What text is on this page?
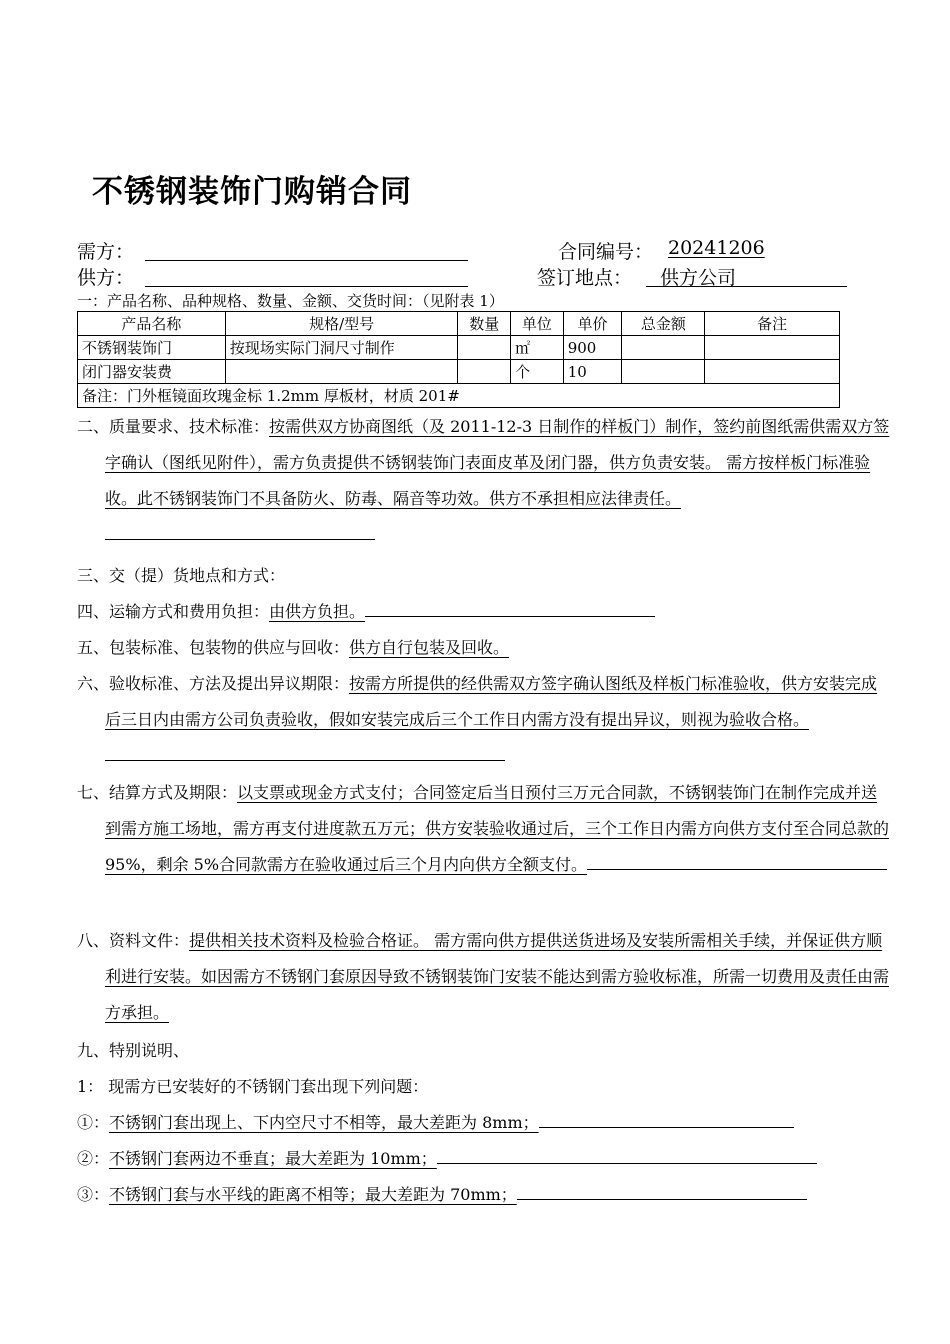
不锈钢装饰门购销合同
需方：	合同编号： 20241206
供方：	签订地点： 供方公司
一：产品名称、品种规格、数量、金额、交货时间：（见附表 1）
产品名称	规格/型号	数量	单位	单价	总金额	备注
不锈钢装饰门	按现场实际门洞尺寸制作		㎡	900		
闭门器安装费			个	10		
备注：门外框镜面玫瑰金标 1.2mm 厚板材，材质 201#						
二、质量要求、技术标准：按需供双方协商图纸（及 2011-12-3 日制作的样板门）制作，签约前图纸需供需双方签字确认（图纸见附件），需方负责提供不锈钢装饰门表面皮革及闭门器，供方负责安装。 需方按样板门标准验收。此不锈钢装饰门不具备防火、防毒、隔音等功效。供方不承担相应法律责任。
三、交（提）货地点和方式：
四、运输方式和费用负担：由供方负担。
五、包装标准、包装物的供应与回收：供方自行包装及回收。
六、验收标准、方法及提出异议期限：按需方所提供的经供需双方签字确认图纸及样板门标准验收，供方安装完成后三日内由需方公司负责验收，假如安装完成后三个工作日内需方没有提出异议，则视为验收合格。
七、结算方式及期限：以支票或现金方式支付；合同签定后当日预付三万元合同款，不锈钢装饰门在制作完成并送到需方施工场地，需方再支付进度款五万元；供方安装验收通过后，三个工作日内需方向供方支付至合同总款的 95%，剩余 5%合同款需方在验收通过后三个月内向供方全额支付。
八、资料文件：提供相关技术资料及检验合格证。 需方需向供方提供送货进场及安装所需相关手续，并保证供方顺利进行安装。如因需方不锈钢门套原因导致不锈钢装饰门安装不能达到需方验收标准，所需一切费用及责任由需方承担。
九、特别说明、
1： 现需方已安装好的不锈钢门套出现下列问题：
①：不锈钢门套出现上、下内空尺寸不相等，最大差距为 8mm；
②：不锈钢门套两边不垂直；最大差距为 10mm；
③：不锈钢门套与水平线的距离不相等；最大差距为 70mm；
